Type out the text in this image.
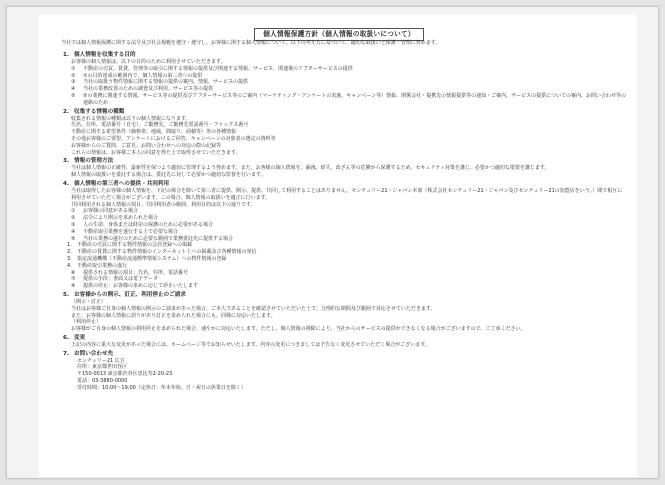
個人情報保護方針（個人情報の取扱いについて）

当社では個人情報保護に関する法令及び社会規範を遵守・遵守し、お客様に関する個人情報について、以下の考え方に基づいて、適切な取扱いと保護・管理に努めます。

1. 個人情報を収集する目的
お客様の個人情報は、以下の目的のために利用させていただきます。
① 不動産の売買、賃貸、管理等の取引に関する情報の提供及び関連する情報、サービス、関連後のアフターサービスの提供
② ①の目的達成の範囲内で、個人情報の第三者への提供
③ 当社の取扱う物件情報に関する情報の提供の案内、情報、サービスの提供
④ 当社の業務改善のための調査及び利用、サービス等の提供
⑤ ⑤の業務に関連する情報、サービス等の提供及びアフターサービス等のご案内（マーケティング・アンケートの実施、キャンペーン等）情報、関係会社・提携先の情報提供等の通知・ご案内、サービスの提供についての案内、お問い合わせ等の連絡のため
2. 収集する情報の種類

収集される情報の種類は以下の個人情報になります。

氏名、住所、電話番号（自宅）、ご勤務先、ご勤務先電話番号・ファックス番号

不動産に関する希望条件（価格帯、地域、間取り、面積等）等の各種情報

その他お客様のご要望、アンケートにおけるご回答、キャンペーンの対象者の選定の資料等

お客様からのご質問、ご意見、お問い合わせへの対応の際の記録等

これらの情報は、お客様ご本人の同意を得た上で取得させていただきます。

3. 情報の管理方法

当社は個人情報の正確性、最新性を保つよう適切に管理するよう努めます。また、お客様の個人情報を、漏洩、紛失、改ざん等の危険から保護するため、セキュリティ対策を講じ、必要かつ適切な措置を講じます。

個人情報の取扱いを委託する場合は、委託先に対して必要かつ適切な監督を行います。

4. 個人情報の第三者への提供・共同利用

当社は取得したお客様の個人情報を、下記の場合を除いて第三者に提供、開示、提供、共同して利用することはありません。センチュリー21・ジャパン本部（株式会社センチュリー21・ジャパン及びセンチュリー21の加盟店をいう。）間で相互に利用させていただく場合がございます。この場合、個人情報の取扱いを適正に行います。

共同利用される個人情報の項目、共同利用者の範囲、利用目的は以下の通りです。

① お客様の同意がある場合
② 法令により開示を求められた場合
③ 人の生命、身体または財産の保護のために必要がある場合
④ 不動産取引業務を遂行する上で必要な場合
⑤ 当社の業務の遂行のために必要な範囲で業務委託先に提供する場合
1. 不動産の売買に関する物件情報の会員登録への掲載
2. 不動産の賃貸に関する物件情報のインターネット上への掲載及び各種情報の発信
3. 指定流通機構（不動産流通標準情報システム）への物件情報の登録
4. 不動産取引業務の遂行
⑥ 提供される情報の項目：氏名、住所、電話番号
⑦ 提供の手段：書面又は電子データ
⑧ 提供の停止：お客様の求めに応じて停止いたします
5. お客様からの開示、訂正、利用停止のご請求

（開示・訂正）

当社はお客様ご自身の個人情報の開示のご請求があった場合、ご本人であることを確認させていただいた上で、合理的な期間及び範囲で対応させていただきます。

また、お客様の個人情報に誤りがあり訂正を求められた場合にも、同様に対応いたします。

（利用停止）

お客様がご自身の個人情報の利用停止を求められた場合、速やかに対応いたします。ただし、個人情報の削除により、当社からのサービスの提供ができなくなる場合がございますので、ご了承ください。

6. 変更

上記の内容に重大な変更があった場合には、ホームページ等でお知らせいたします。内容の変更につきましては予告なく変更させていただく場合がございます。

7. お問い合わせ先

センチュリー21 広宣

住所：東京都世田谷区

〒150-0013 東京都渋谷区恵比寿2-20-23

電話：03-3880-0000

受付時間：10:00～19:00（定休日：年末年始、日・祝日の休業日を除く）
